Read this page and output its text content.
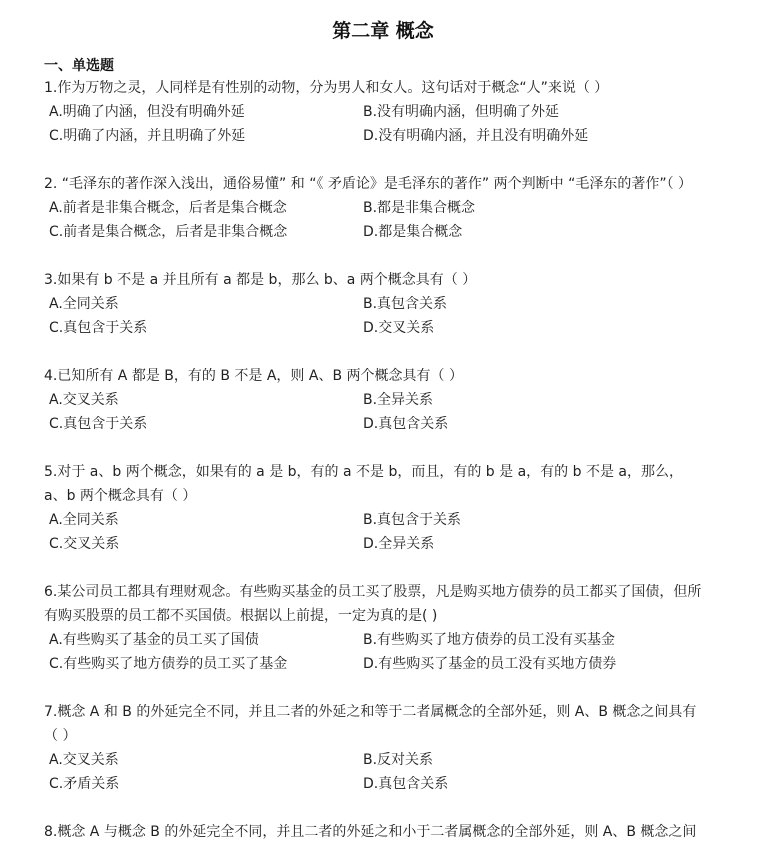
第二章 概念
一、单选题
1.作为万物之灵，人同样是有性别的动物，分为男人和女人。这句话对于概念“人”来说（ ）
A.明确了内涵，但没有明确外延	B.没有明确内涵，但明确了外延
C.明确了内涵，并且明确了外延	D.没有明确内涵，并且没有明确外延
2. “毛泽东的著作深入浅出，通俗易懂” 和 “《 矛盾论》是毛泽东的著作” 两个判断中 “毛泽东的著作”（ ）
A.前者是非集合概念，后者是集合概念	B.都是非集合概念
C.前者是集合概念，后者是非集合概念	D.都是集合概念
3.如果有 b 不是 a 并且所有 a 都是 b，那么 b、a 两个概念具有（ ）
A.全同关系	B.真包含关系
C.真包含于关系	D.交叉关系
4.已知所有 A 都是 B，有的 B 不是 A，则 A、B 两个概念具有（ ）
A.交叉关系	B.全异关系
C.真包含于关系	D.真包含关系
5.对于 a、b 两个概念，如果有的 a 是 b，有的 a 不是 b，而且，有的 b 是 a，有的 b 不是 a，那么，a、b 两个概念具有（ ）
A.全同关系	B.真包含于关系
C.交叉关系	D.全异关系
6.某公司员工都具有理财观念。有些购买基金的员工买了股票，凡是购买地方债券的员工都买了国债，但所有购买股票的员工都不买国债。根据以上前提，一定为真的是( )
A.有些购买了基金的员工买了国债	B.有些购买了地方债券的员工没有买基金
C.有些购买了地方债券的员工买了基金	D.有些购买了基金的员工没有买地方债券
7.概念 A 和 B 的外延完全不同，并且二者的外延之和等于二者属概念的全部外延，则 A、B 概念之间具有（ ）
A.交叉关系	B.反对关系
C.矛盾关系	D.真包含关系
8.概念 A 与概念 B 的外延完全不同，并且二者的外延之和小于二者属概念的全部外延，则 A、B 概念之间
